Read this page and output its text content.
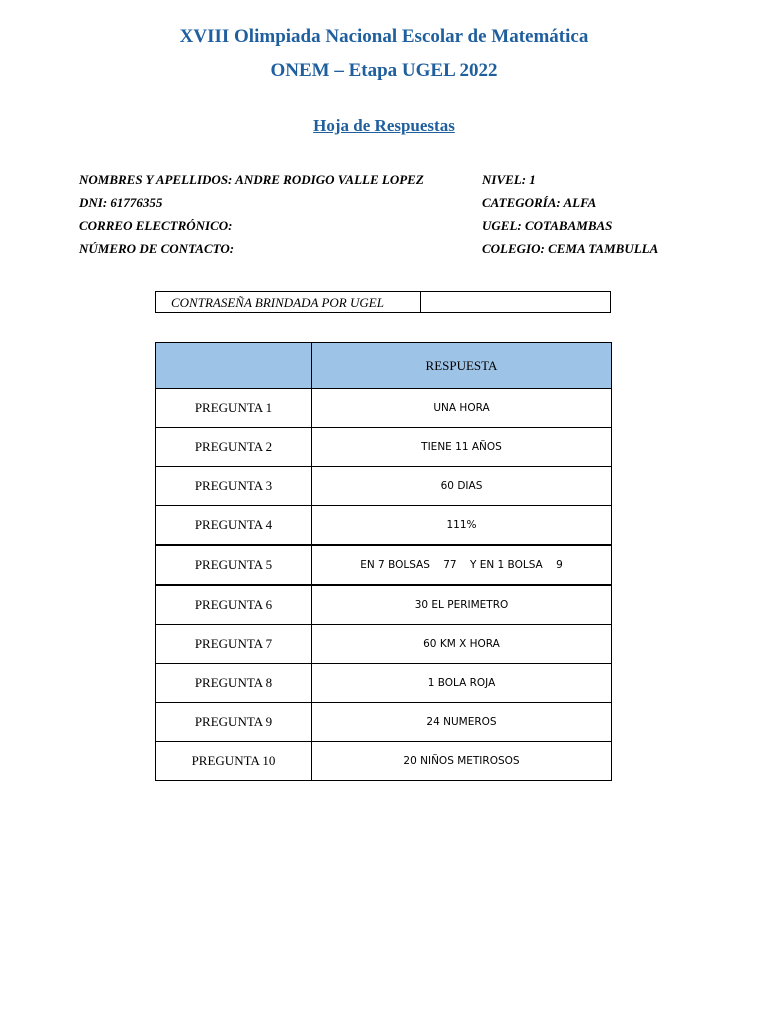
XVIII Olimpiada Nacional Escolar de Matemática
ONEM – Etapa UGEL 2022
Hoja de Respuestas
NOMBRES Y APELLIDOS: ANDRE RODIGO VALLE LOPEZ
DNI: 61776355
CORREO ELECTRÓNICO:
NÚMERO DE CONTACTO:
NIVEL: 1
CATEGORÍA: ALFA
UGEL: COTABAMBAS
COLEGIO: CEMA TAMBULLA
CONTRASEÑA BRINDADA POR UGEL
	RESPUESTA
PREGUNTA 1	UNA HORA
PREGUNTA 2	TIENE 11 AÑOS
PREGUNTA 3	60 DIAS
PREGUNTA 4	111%
PREGUNTA 5	EN 7 BOLSAS    77    Y EN 1 BOLSA    9
PREGUNTA 6	30 EL PERIMETRO
PREGUNTA 7	60 KM X HORA
PREGUNTA 8	1 BOLA ROJA
PREGUNTA 9	24 NUMEROS
PREGUNTA 10	20 NIÑOS METIROSOS
